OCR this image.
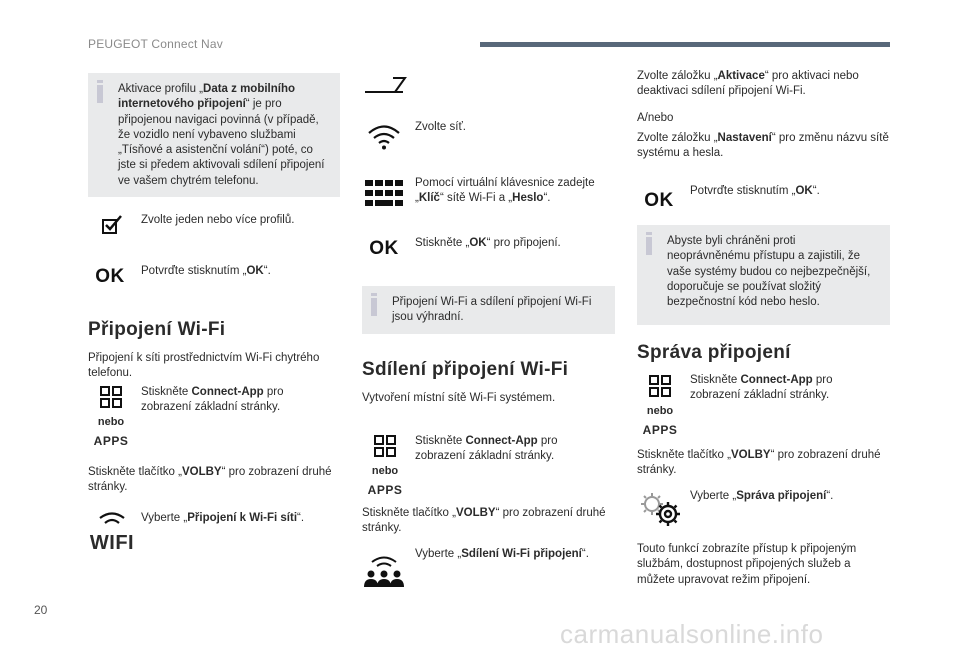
PEUGEOT Connect Nav
Aktivace profilu „Data z mobilního internetového připojení“ je pro připojenou navigaci povinná (v případě, že vozidlo není vybaveno službami „Tísňové a asistenční volání“) poté, co jste si předem aktivovali sdílení připojení ve vašem chytrém telefonu.
Zvolte jeden nebo více profilů.
OK Potvrďte stisknutím „OK“.
Připojení Wi-Fi
Připojení k síti prostřednictvím Wi-Fi chytrého telefonu.
nebo
APPS
Stiskněte Connect-App pro zobrazení základní stránky.
Stiskněte tlačítko „VOLBY“ pro zobrazení druhé stránky.
WIFI
Vyberte „Připojení k Wi-Fi síti“.
Zvolte síť.
Pomocí virtuální klávesnice zadejte „Klíč“ sítě Wi-Fi a „Heslo“.
OK Stiskněte „OK“ pro připojení.
Připojení Wi-Fi a sdílení připojení Wi-Fi jsou výhradní.
Sdílení připojení Wi-Fi
Vytvoření místní sítě Wi-Fi systémem.
nebo
APPS
Stiskněte Connect-App pro zobrazení základní stránky.
Stiskněte tlačítko „VOLBY“ pro zobrazení druhé stránky.
Vyberte „Sdílení Wi-Fi připojení“.
Zvolte záložku „Aktivace“ pro aktivaci nebo deaktivaci sdílení připojení Wi-Fi.
A/nebo
Zvolte záložku „Nastavení“ pro změnu názvu sítě systému a hesla.
OK Potvrďte stisknutím „OK“.
Abyste byli chráněni proti neoprávněnému přístupu a zajistili, že vaše systémy budou co nejbezpečnější, doporučuje se používat složitý bezpečnostní kód nebo heslo.
Správa připojení
nebo
APPS
Stiskněte Connect-App pro zobrazení základní stránky.
Stiskněte tlačítko „VOLBY“ pro zobrazení druhé stránky.
Vyberte „Správa připojení“.
Touto funkcí zobrazíte přístup k připojeným službám, dostupnost připojených služeb a můžete upravovat režim připojení.
20
carmanualsonline.info
